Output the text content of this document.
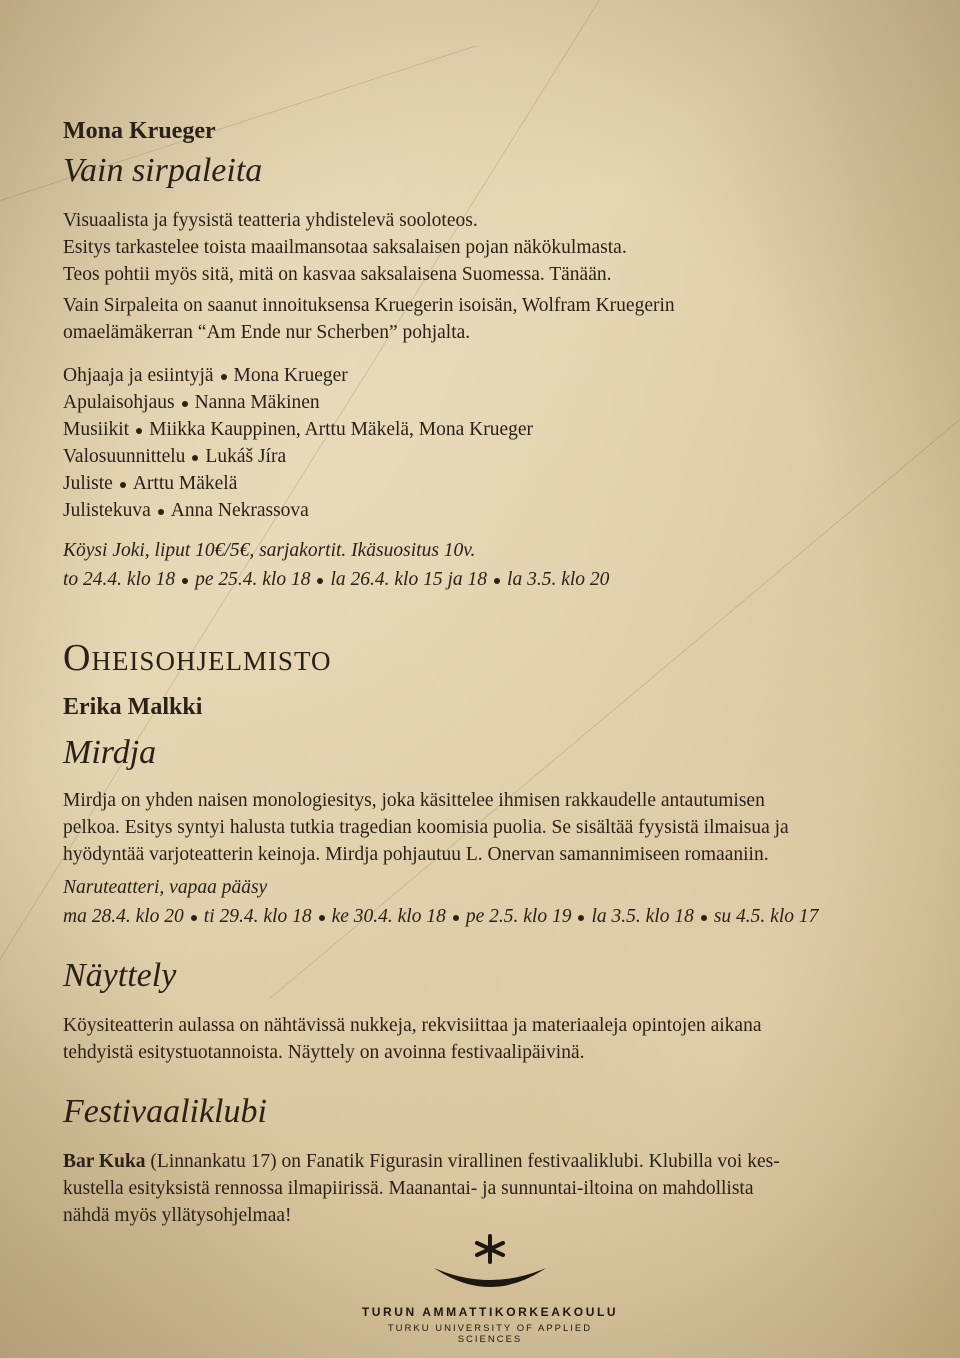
Mona Krueger

Vain sirpaleita

Visuaalista ja fyysistä teatteria yhdistelevä sooloteos.

Esitys tarkastelee toista maailmansotaa saksalaisen pojan näkökulmasta.

Teos pohtii myös sitä, mitä on kasvaa saksalaisena Suomessa. Tänään.

Vain Sirpaleita on saanut innoituksensa Kruegerin isoisän, Wolfram Kruegerin

omaelämäkerran “Am Ende nur Scherben” pohjalta.

Ohjaaja ja esiintyjä Mona Krueger
Apulaisohjaus Nanna Mäkinen
Musiikit Miikka Kauppinen, Arttu Mäkelä, Mona Krueger
Valosuunnittelu Lukáš Jíra
Juliste Arttu Mäkelä
Julistekuva Anna Nekrassova

Köysi Joki, liput 10€/5€, sarjakortit. Ikäsuositus 10v.

to 24.4. klo 18 pe 25.4. klo 18 la 26.4. klo 15 ja 18 la 3.5. klo 20

Oheisohjelmisto

Erika Malkki

Mirdja

Mirdja on yhden naisen monologiesitys, joka käsittelee ihmisen rakkaudelle antautumisen

pelkoa. Esitys syntyi halusta tutkia tragedian koomisia puolia. Se sisältää fyysistä ilmaisua ja

hyödyntää varjoteatterin keinoja. Mirdja pohjautuu L. Onervan samannimiseen romaaniin.

Naruteatteri, vapaa pääsy

ma 28.4. klo 20 ti 29.4. klo 18 ke 30.4. klo 18 pe 2.5. klo 19 la 3.5. klo 18 su 4.5. klo 17

Näyttely

Köysiteatterin aulassa on nähtävissä nukkeja, rekvisiittaa ja materiaaleja opintojen aikana

tehdyistä esitystuotannoista. Näyttely on avoinna festivaalipäivinä.

Festivaaliklubi

Bar Kuka (Linnankatu 17) on Fanatik Figurasin virallinen festivaaliklubi. Klubilla voi kes-

kustella esityksistä rennossa ilmapiirissä. Maanantai- ja sunnuntai-iltoina on mahdollista

nähdä myös yllätysohjelmaa!

TURUN AMMATTIKORKEAKOULU
TURKU UNIVERSITY OF APPLIED SCIENCES
